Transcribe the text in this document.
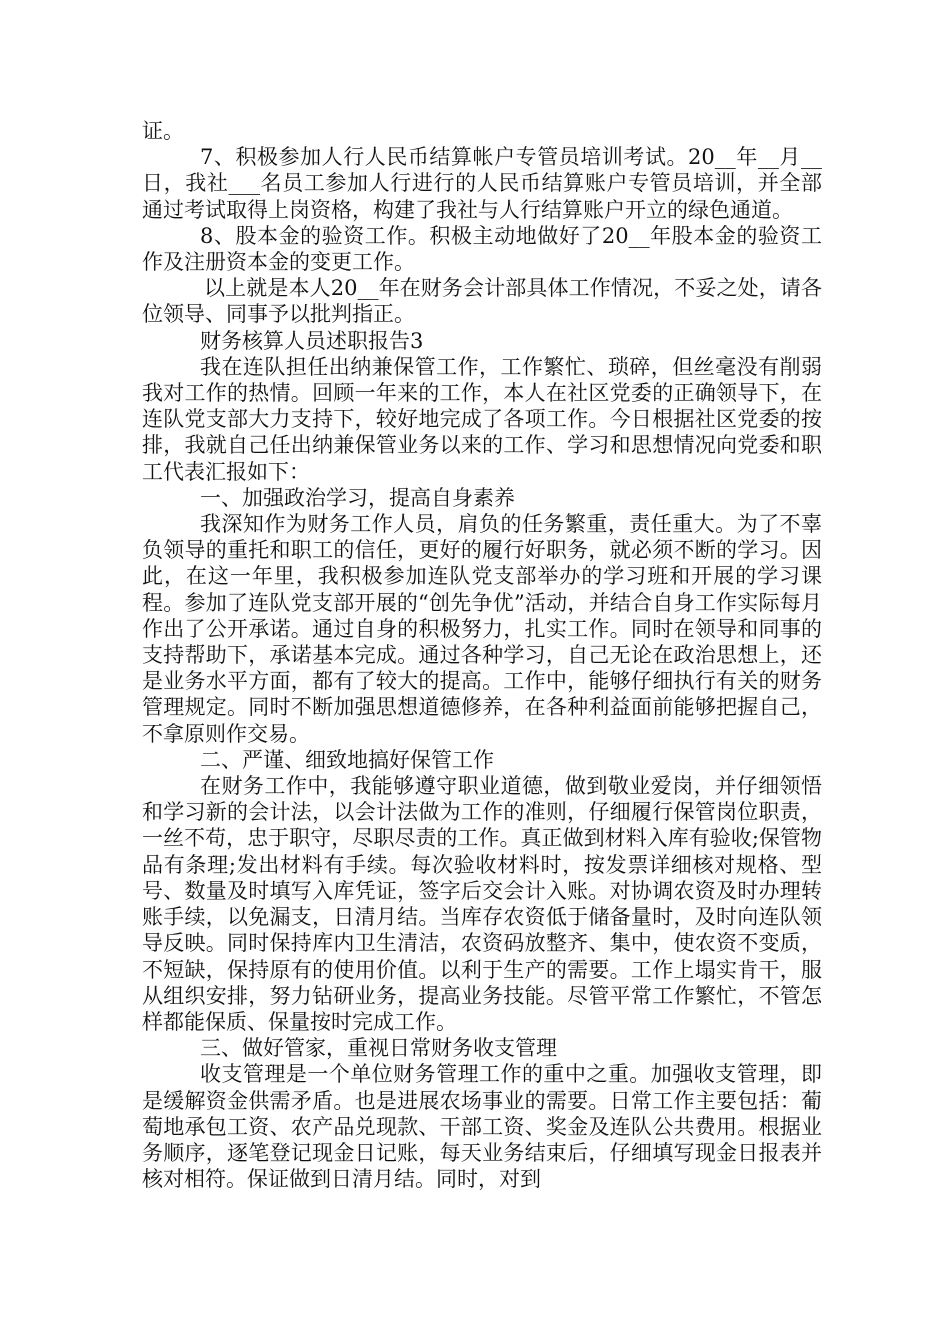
证。

7、积极参加人行人民币结算帐户专管员培训考试。20__年__月__日，我社___名员工参加人行进行的人民币结算账户专管员培训，并全部通过考试取得上岗资格，构建了我社与人行结算账户开立的绿色通道。

8、股本金的验资工作。积极主动地做好了20__年股本金的验资工作及注册资本金的变更工作。

以上就是本人20__年在财务会计部具体工作情况，不妥之处，请各位领导、同事予以批判指正。

财务核算人员述职报告3

我在连队担任出纳兼保管工作，工作繁忙、琐碎，但丝毫没有削弱我对工作的热情。回顾一年来的工作，本人在社区党委的正确领导下，在连队党支部大力支持下，较好地完成了各项工作。今日根据社区党委的按排，我就自己任出纳兼保管业务以来的工作、学习和思想情况向党委和职工代表汇报如下：

一、加强政治学习，提高自身素养

我深知作为财务工作人员，肩负的任务繁重，责任重大。为了不辜负领导的重托和职工的信任，更好的履行好职务，就必须不断的学习。因此，在这一年里，我积极参加连队党支部举办的学习班和开展的学习课程。参加了连队党支部开展的“创先争优”活动，并结合自身工作实际每月作出了公开承诺。通过自身的积极努力，扎实工作。同时在领导和同事的支持帮助下，承诺基本完成。通过各种学习，自己无论在政治思想上，还是业务水平方面，都有了较大的提高。工作中，能够仔细执行有关的财务管理规定。同时不断加强思想道德修养，在各种利益面前能够把握自己，不拿原则作交易。

二、严谨、细致地搞好保管工作

在财务工作中，我能够遵守职业道德，做到敬业爱岗，并仔细领悟和学习新的会计法，以会计法做为工作的准则，仔细履行保管岗位职责，一丝不苟，忠于职守，尽职尽责的工作。真正做到材料入库有验收;保管物品有条理;发出材料有手续。每次验收材料时，按发票详细核对规格、型号、数量及时填写入库凭证，签字后交会计入账。对协调农资及时办理转账手续，以免漏支，日清月结。当库存农资低于储备量时，及时向连队领导反映。同时保持库内卫生清洁，农资码放整齐、集中，使农资不变质，不短缺，保持原有的使用价值。以利于生产的需要。工作上塌实肯干，服从组织安排，努力钻研业务，提高业务技能。尽管平常工作繁忙，不管怎样都能保质、保量按时完成工作。

三、做好管家，重视日常财务收支管理

收支管理是一个单位财务管理工作的重中之重。加强收支管理，即是缓解资金供需矛盾。也是进展农场事业的需要。日常工作主要包括：葡萄地承包工资、农产品兑现款、干部工资、奖金及连队公共费用。根据业务顺序，逐笔登记现金日记账，每天业务结束后，仔细填写现金日报表并核对相符。保证做到日清月结。同时，对到
